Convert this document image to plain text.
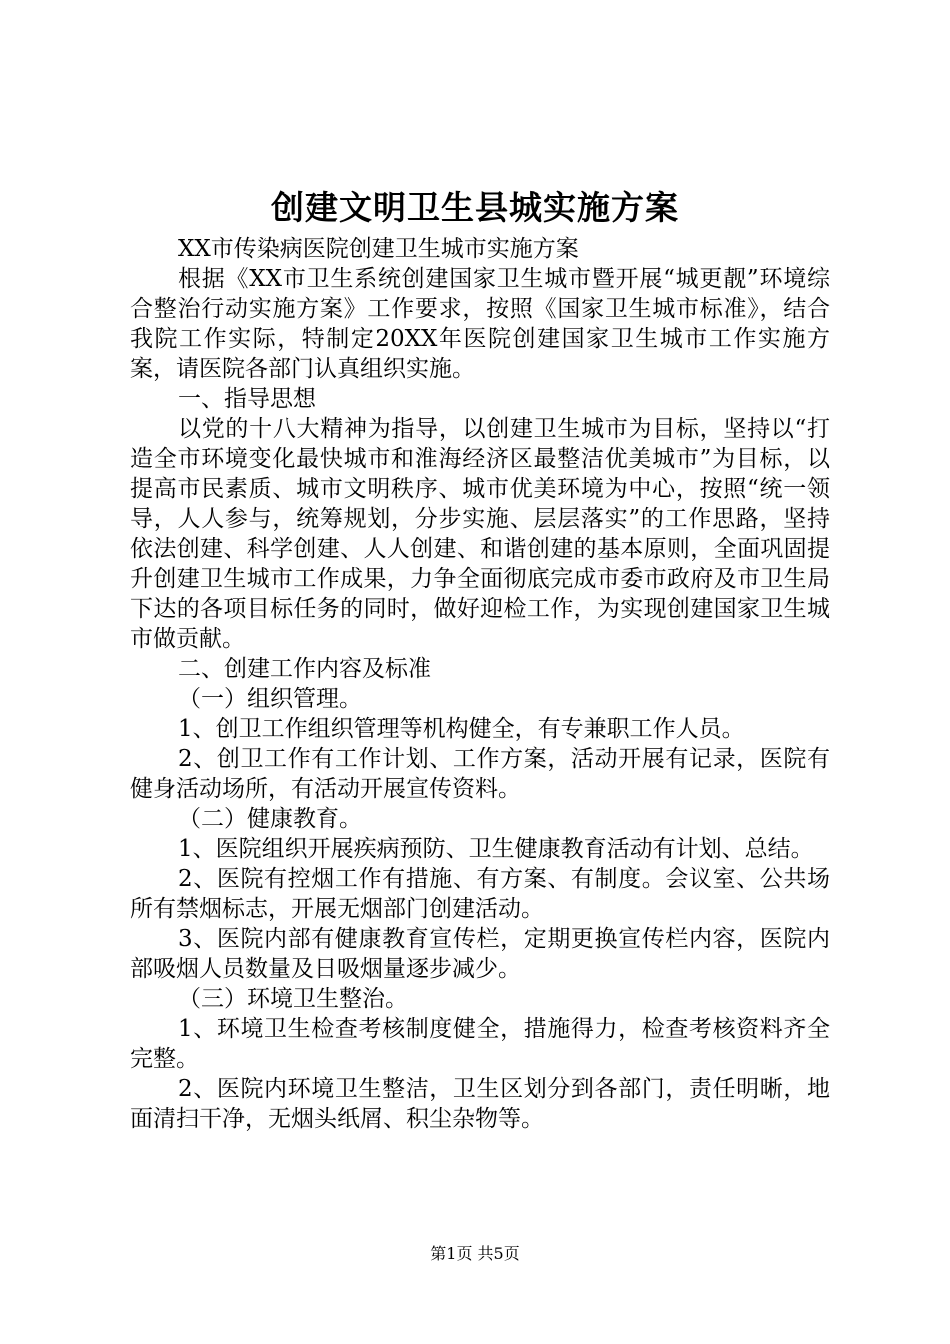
创建文明卫生县城实施方案

XX市传染病医院创建卫生城市实施方案

根据《XX市卫生系统创建国家卫生城市暨开展“城更靓”环境综合整治行动实施方案》工作要求，按照《国家卫生城市标准》，结合我院工作实际，特制定20XX年医院创建国家卫生城市工作实施方案，请医院各部门认真组织实施。

一、指导思想

以党的十八大精神为指导，以创建卫生城市为目标，坚持以“打造全市环境变化最快城市和淮海经济区最整洁优美城市”为目标，以提高市民素质、城市文明秩序、城市优美环境为中心，按照“统一领导，人人参与，统筹规划，分步实施、层层落实”的工作思路，坚持依法创建、科学创建、人人创建、和谐创建的基本原则，全面巩固提升创建卫生城市工作成果，力争全面彻底完成市委市政府及市卫生局下达的各项目标任务的同时，做好迎检工作，为实现创建国家卫生城市做贡献。

二、创建工作内容及标准

（一）组织管理。

1、创卫工作组织管理等机构健全，有专兼职工作人员。

2、创卫工作有工作计划、工作方案，活动开展有记录，医院有健身活动场所，有活动开展宣传资料。

（二）健康教育。

1、医院组织开展疾病预防、卫生健康教育活动有计划、总结。

2、医院有控烟工作有措施、有方案、有制度。会议室、公共场所有禁烟标志，开展无烟部门创建活动。

3、医院内部有健康教育宣传栏，定期更换宣传栏内容，医院内部吸烟人员数量及日吸烟量逐步减少。

（三）环境卫生整治。

1、环境卫生检查考核制度健全，措施得力，检查考核资料齐全完整。

2、医院内环境卫生整洁，卫生区划分到各部门，责任明晰，地面清扫干净，无烟头纸屑、积尘杂物等。

第1页 共5页
